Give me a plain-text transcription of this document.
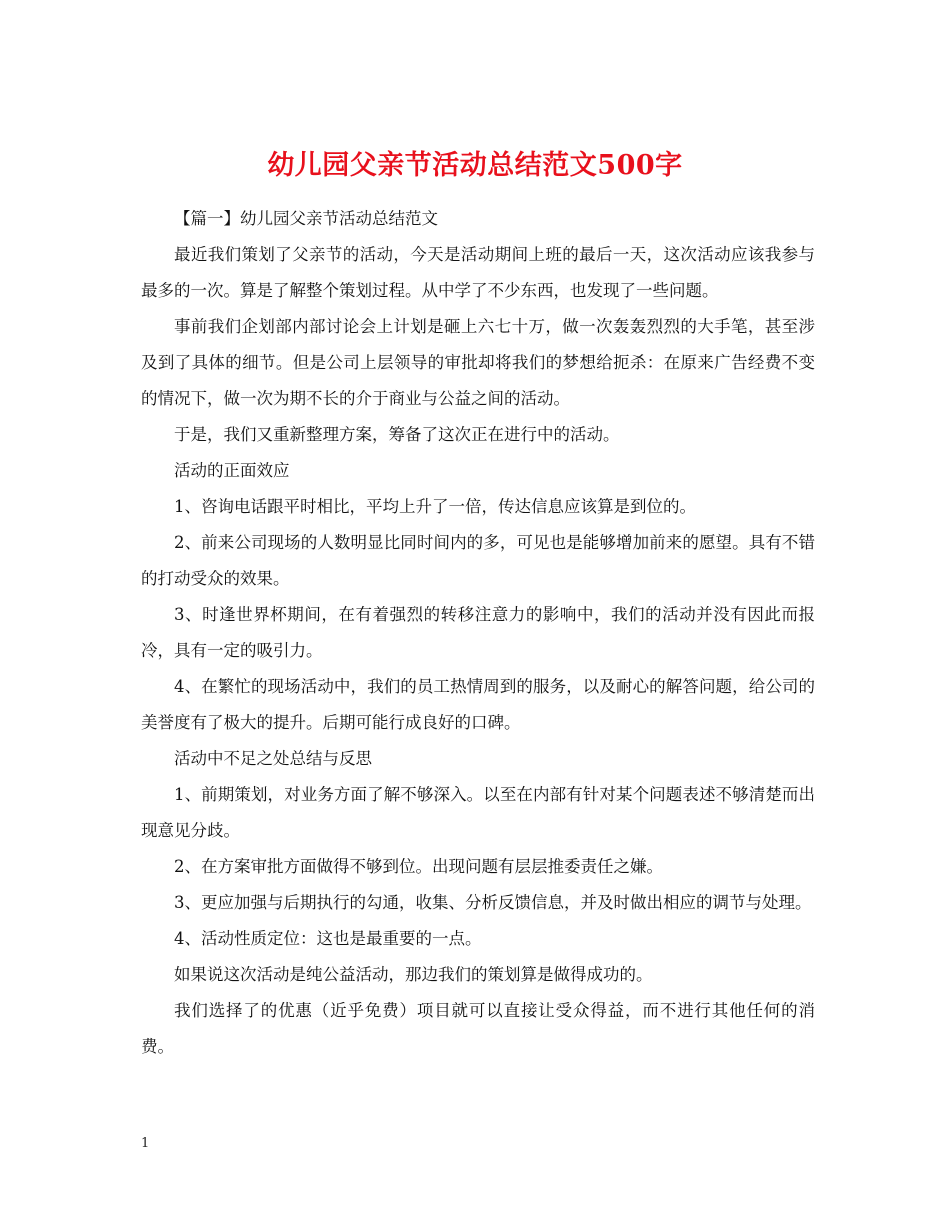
幼儿园父亲节活动总结范文500字

【篇一】幼儿园父亲节活动总结范文

最近我们策划了父亲节的活动，今天是活动期间上班的最后一天，这次活动应该我参与最多的一次。算是了解整个策划过程。从中学了不少东西，也发现了一些问题。

事前我们企划部内部讨论会上计划是砸上六七十万，做一次轰轰烈烈的大手笔，甚至涉及到了具体的细节。但是公司上层领导的审批却将我们的梦想给扼杀：在原来广告经费不变的情况下，做一次为期不长的介于商业与公益之间的活动。

于是，我们又重新整理方案，筹备了这次正在进行中的活动。

活动的正面效应

1、咨询电话跟平时相比，平均上升了一倍，传达信息应该算是到位的。

2、前来公司现场的人数明显比同时间内的多，可见也是能够增加前来的愿望。具有不错的打动受众的效果。

3、时逢世界杯期间，在有着强烈的转移注意力的影响中，我们的活动并没有因此而报冷，具有一定的吸引力。

4、在繁忙的现场活动中，我们的员工热情周到的服务，以及耐心的解答问题，给公司的美誉度有了极大的提升。后期可能行成良好的口碑。

活动中不足之处总结与反思

1、前期策划，对业务方面了解不够深入。以至在内部有针对某个问题表述不够清楚而出现意见分歧。

2、在方案审批方面做得不够到位。出现问题有层层推委责任之嫌。

3、更应加强与后期执行的勾通，收集、分析反馈信息，并及时做出相应的调节与处理。

4、活动性质定位：这也是最重要的一点。

如果说这次活动是纯公益活动，那边我们的策划算是做得成功的。

我们选择了的优惠（近乎免费）项目就可以直接让受众得益，而不进行其他任何的消费。

1
